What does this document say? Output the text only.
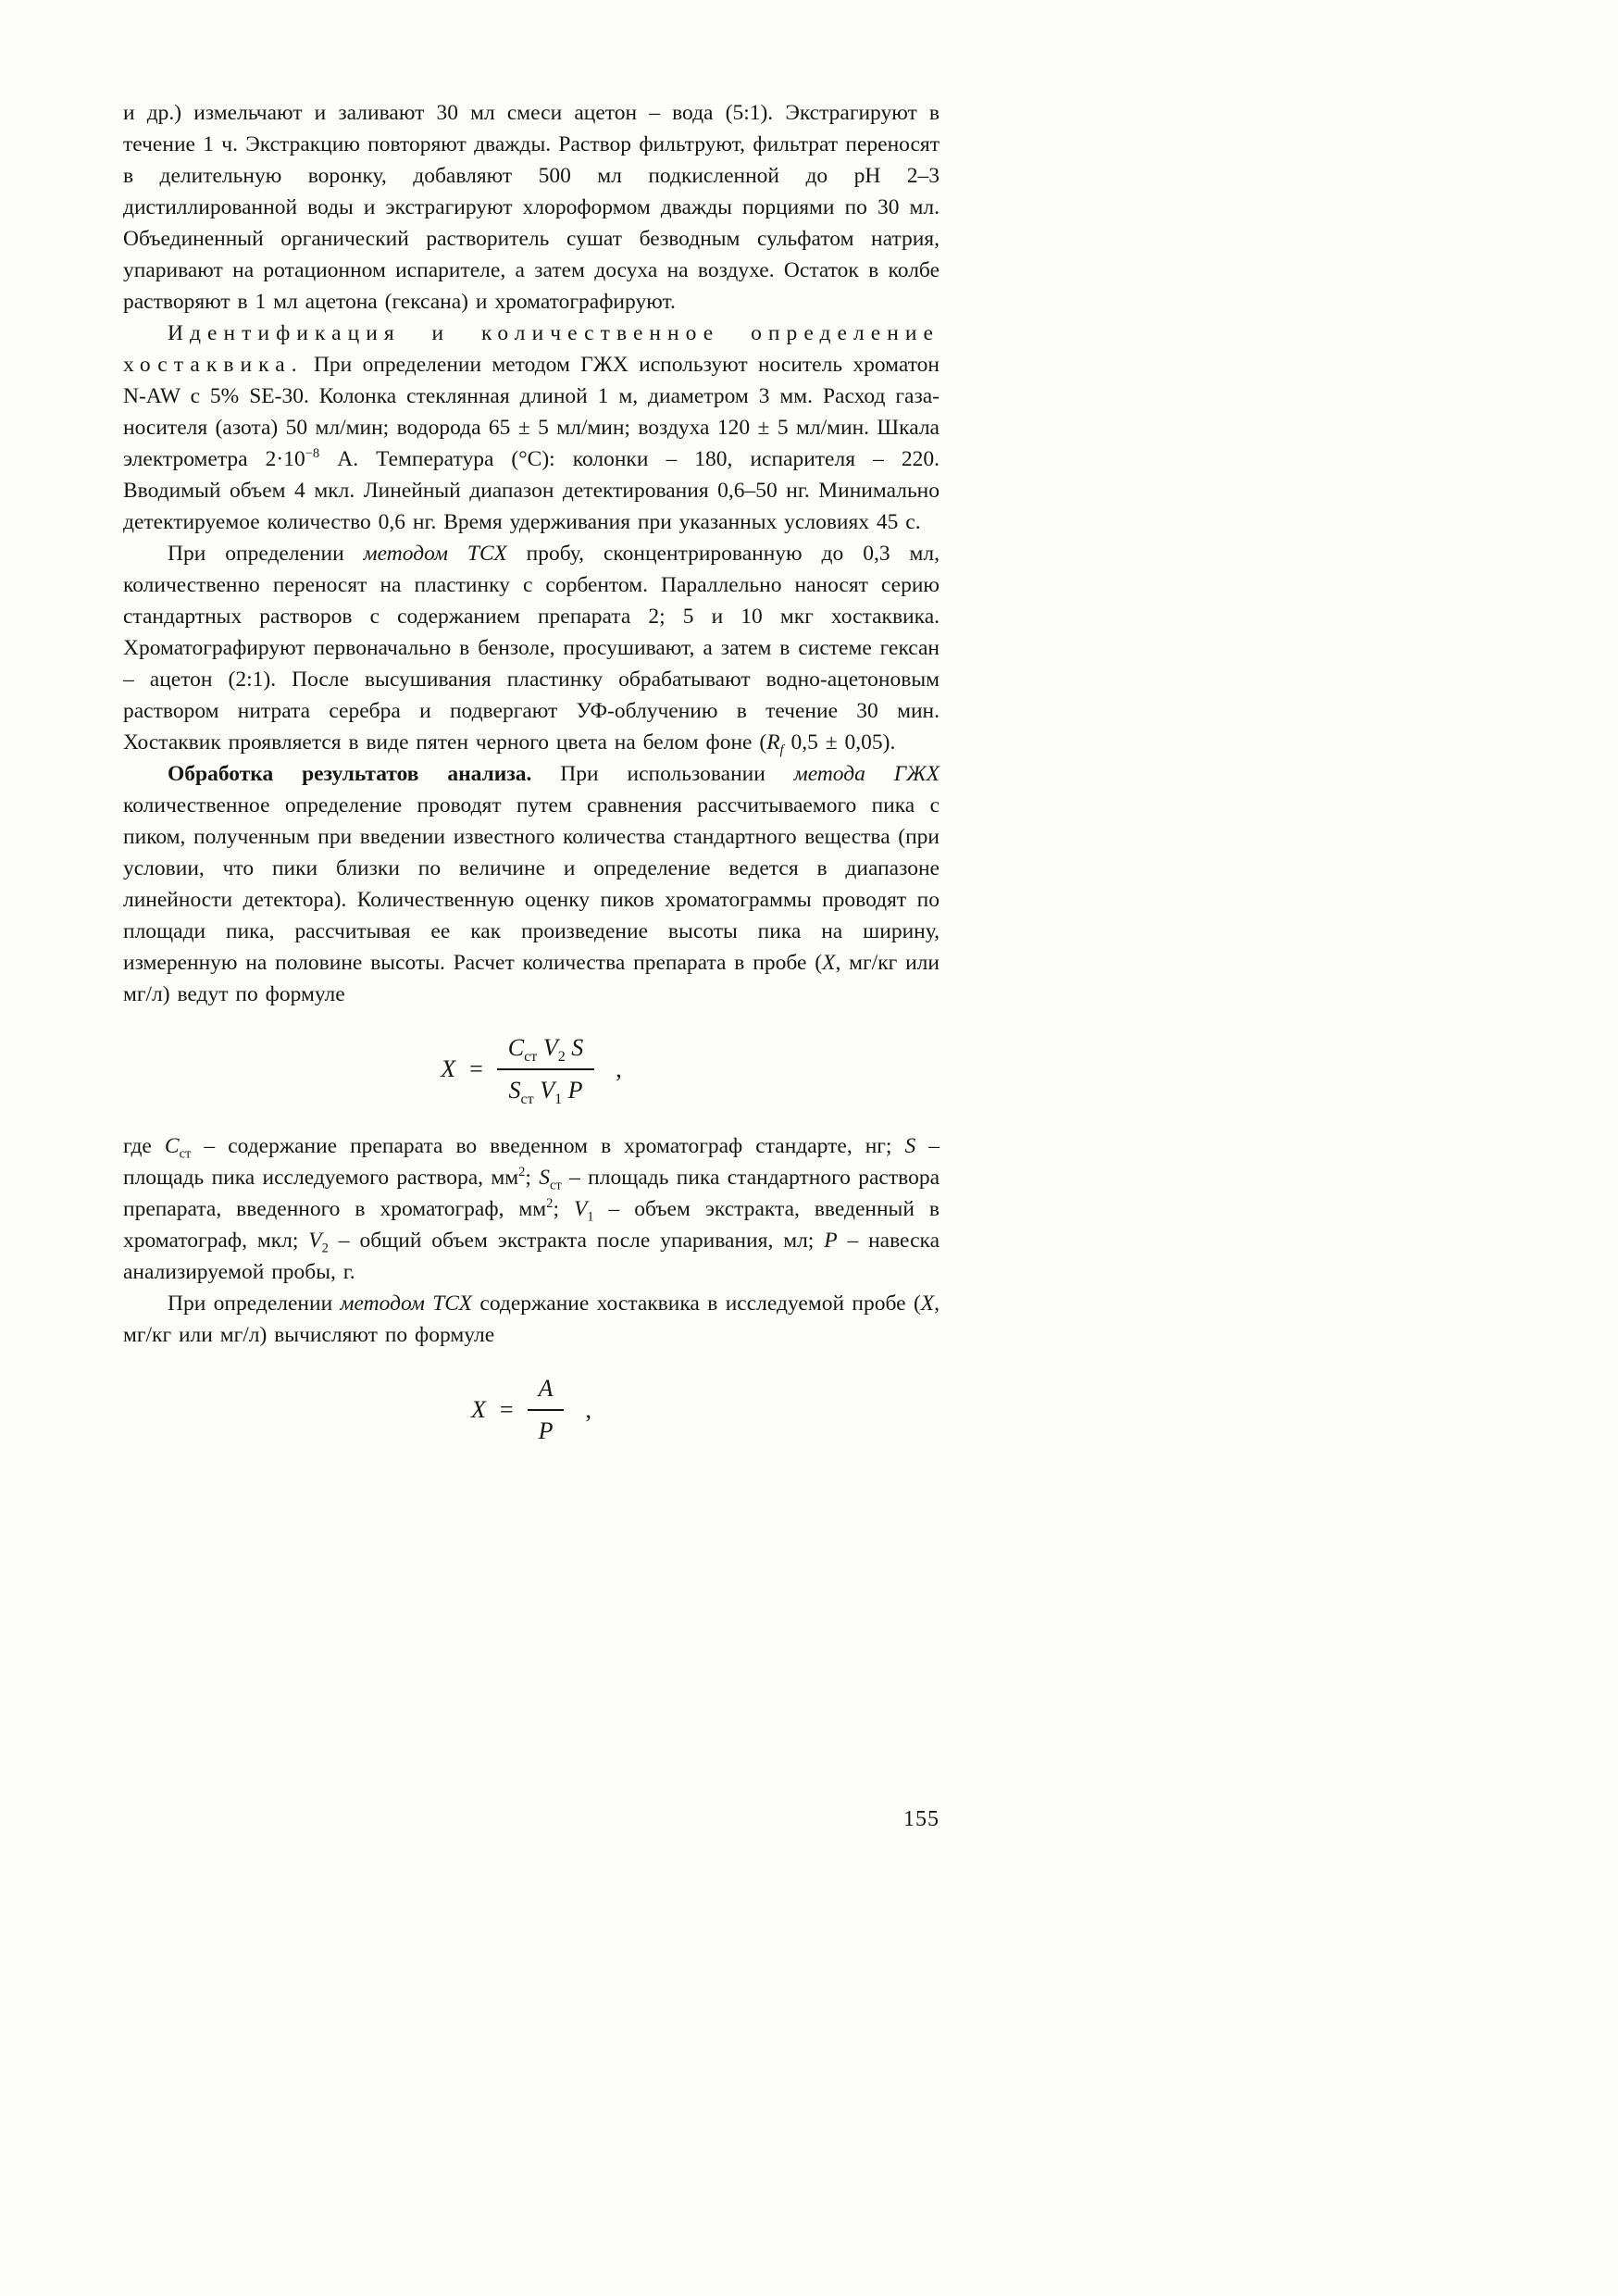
и др.) измельчают и заливают 30 мл смеси ацетон – вода (5:1). Экстрагируют в течение 1 ч. Экстракцию повторяют дважды. Раствор фильтруют, фильтрат переносят в делительную воронку, добавляют 500 мл подкисленной до pH 2–3 дистиллированной воды и экстрагируют хлороформом дважды порциями по 30 мл. Объединенный органический растворитель сушат безводным сульфатом натрия, упаривают на ротационном испарителе, а затем досуха на воздухе. Остаток в колбе растворяют в 1 мл ацетона (гексана) и хроматографируют.

Идентификация и количественное определение хостаквика. При определении методом ГЖХ используют носитель хроматон N-AW с 5% SE-30. Колонка стеклянная длиной 1 м, диаметром 3 мм. Расход газа-носителя (азота) 50 мл/мин; водорода 65 ± 5 мл/мин; воздуха 120 ± 5 мл/мин. Шкала электрометра $2\cdot 10^{-8}$ А. Температура (°С): колонки – 180, испарителя – 220. Вводимый объем 4 мкл. Линейный диапазон детектирования 0,6–50 нг. Минимально детектируемое количество 0,6 нг. Время удерживания при указанных условиях 45 с.

При определении методом ТСХ пробу, сконцентрированную до 0,3 мл, количественно переносят на пластинку с сорбентом. Параллельно наносят серию стандартных растворов с содержанием препарата 2; 5 и 10 мкг хостаквика. Хроматографируют первоначально в бензоле, просушивают, а затем в системе гексан – ацетон (2:1). После высушивания пластинку обрабатывают водно-ацетоновым раствором нитрата серебра и подвергают УФ-облучению в течение 30 мин. Хостаквик проявляется в виде пятен черного цвета на белом фоне ($R_f$ 0,5 ± 0,05).

Обработка результатов анализа. При использовании метода ГЖХ количественное определение проводят путем сравнения рассчитываемого пика с пиком, полученным при введении известного количества стандартного вещества (при условии, что пики близки по величине и определение ведется в диапазоне линейности детектора). Количественную оценку пиков хроматограммы проводят по площади пика, рассчитывая ее как произведение высоты пика на ширину, измеренную на половине высоты. Расчет количества препарата в пробе (X, мг/кг или мг/л) ведут по формуле

$X = \frac{C_{ст} V_2 S}{S_{ст} V_1 P}$ ,

где $C_{ст}$ – содержание препарата во введенном в хроматограф стандарте, нг; S – площадь пика исследуемого раствора, $мм^2$; $S_{ст}$ – площадь пика стандартного раствора препарата, введенного в хроматограф, $мм^2$; $V_1$ – объем экстракта, введенный в хроматограф, мкл; $V_2$ – общий объем экстракта после упаривания, мл; P – навеска анализируемой пробы, г.

При определении методом ТСХ содержание хостаквика в исследуемой пробе (X, мг/кг или мг/л) вычисляют по формуле

$X = \frac{A}{P}$ ,
155
